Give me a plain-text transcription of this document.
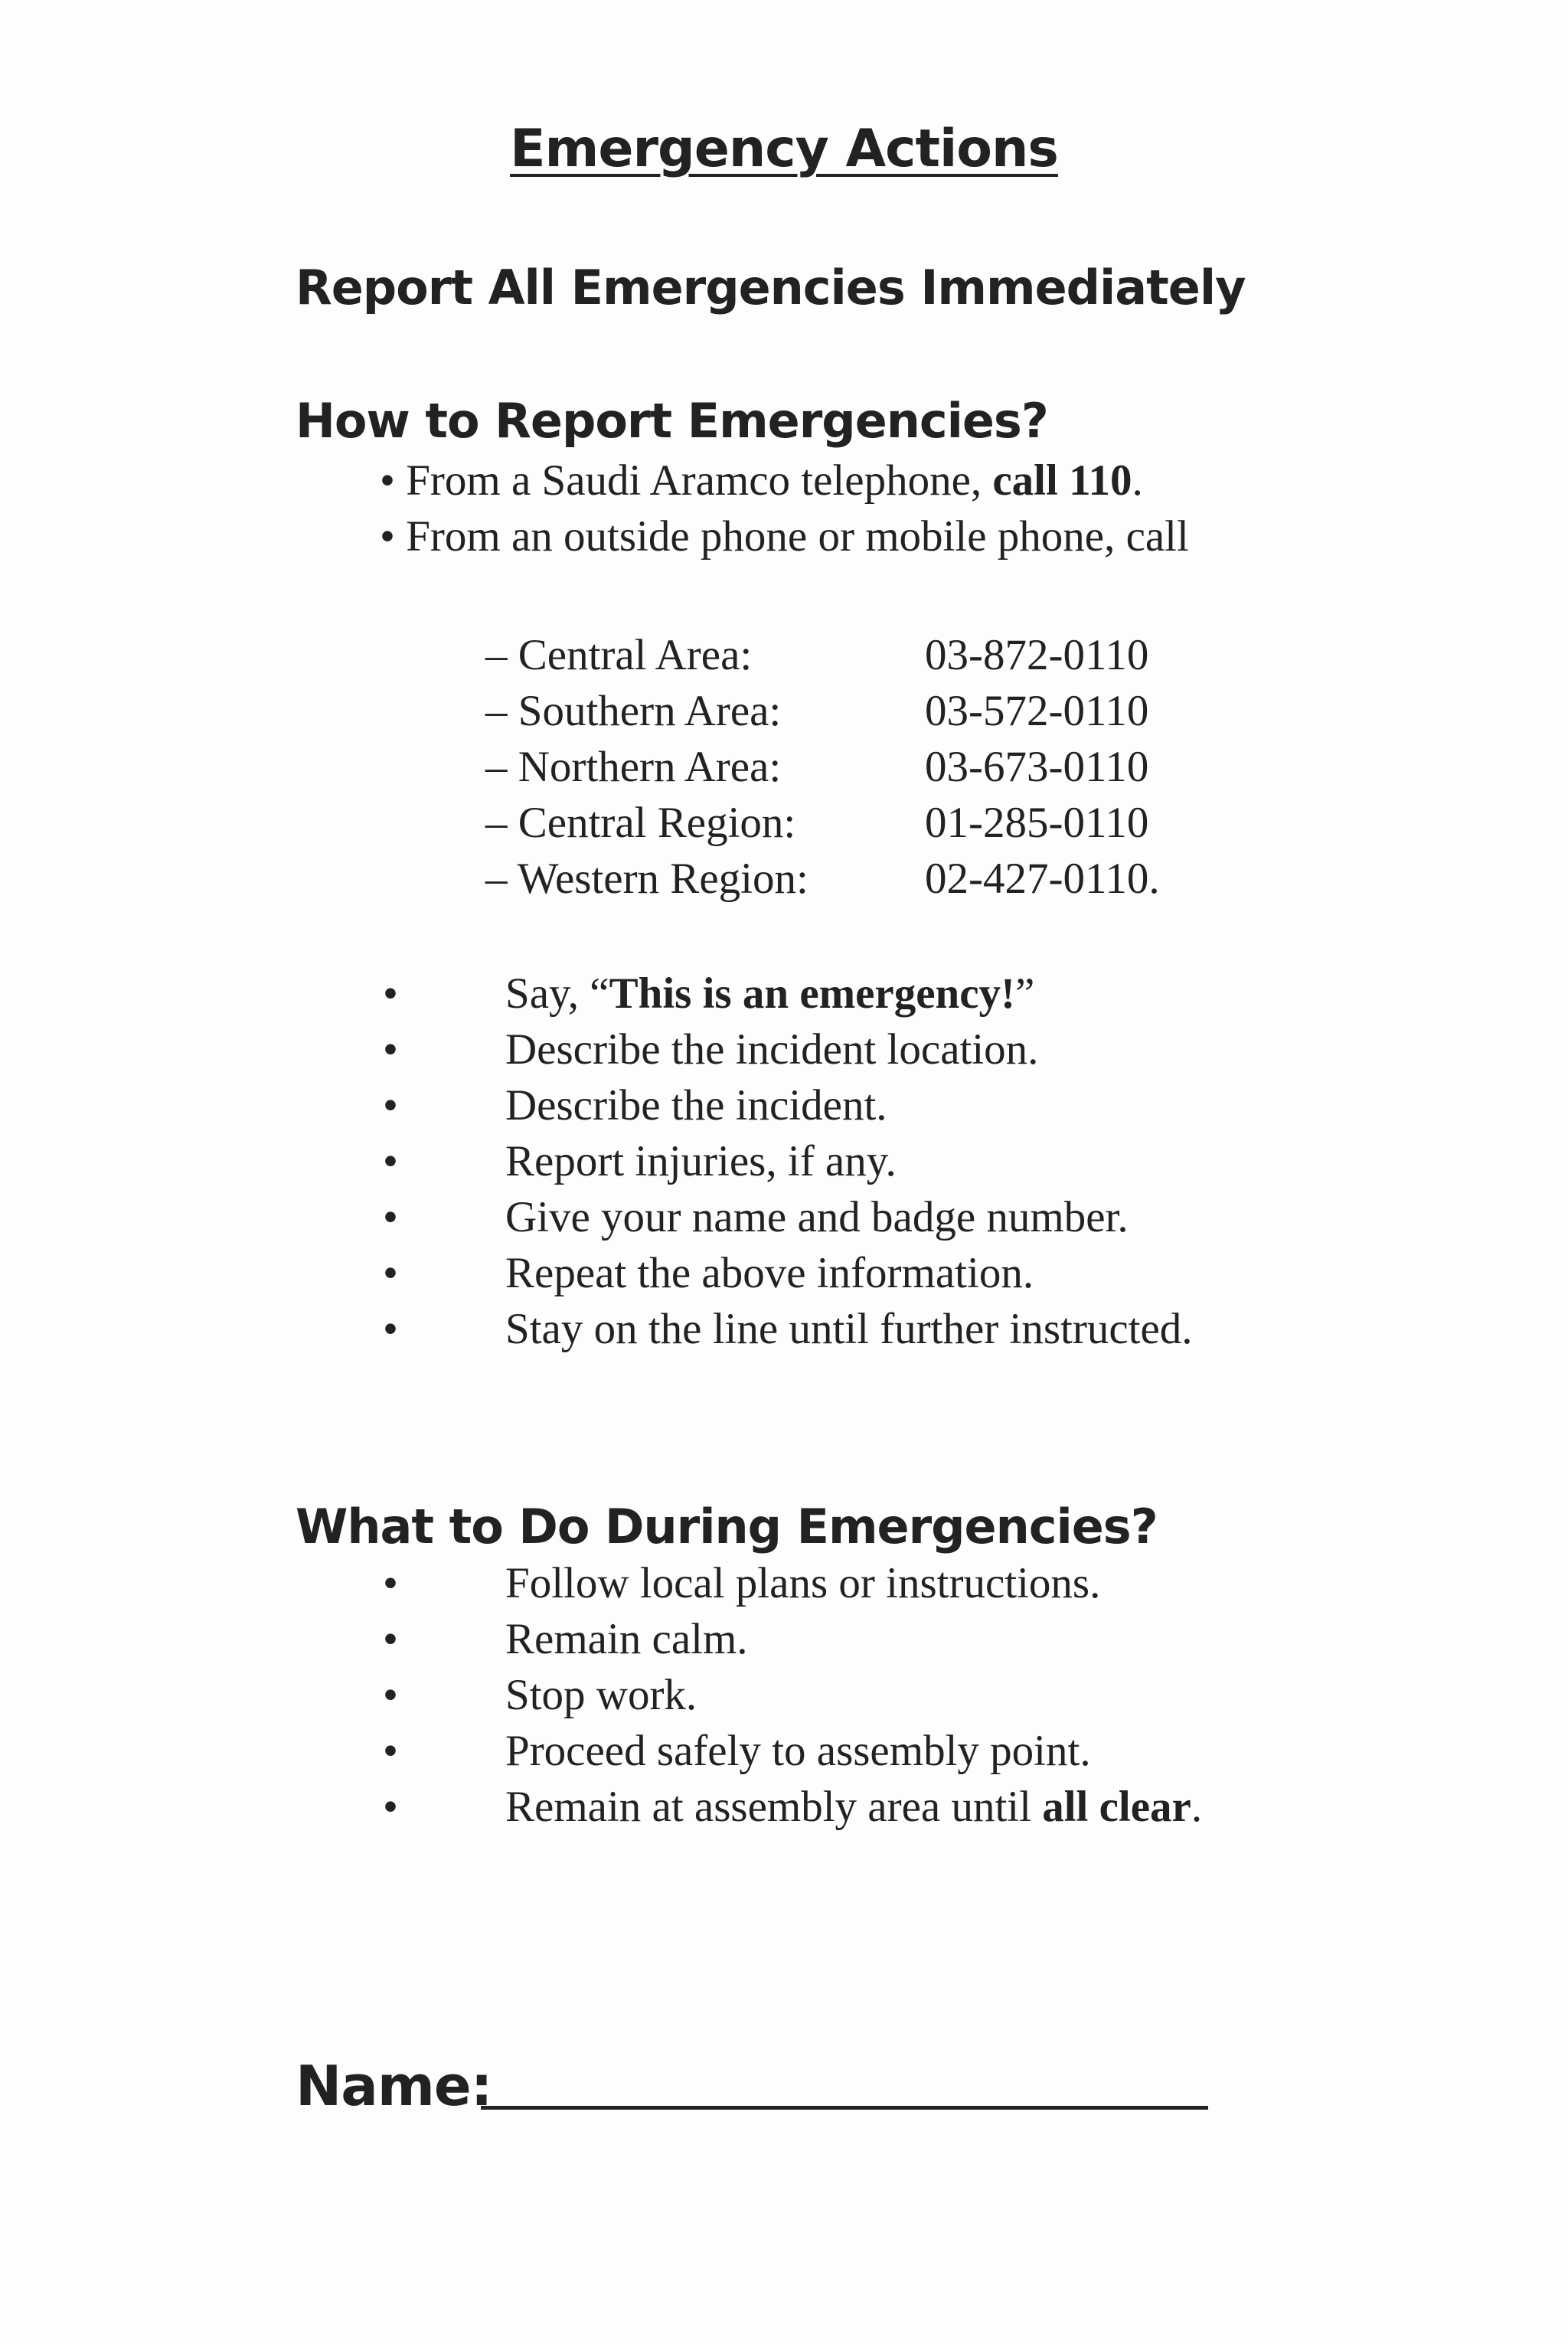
Emergency Actions
Report All Emergencies Immediately
How to Report Emergencies?
• From a Saudi Aramco telephone, call 110.
• From an outside phone or mobile phone, call
– Central Area:	03-872-0110
– Southern Area:	03-572-0110
– Northern Area:	03-673-0110
– Central Region:	01-285-0110
– Western Region:	02-427-0110.
• Say, “This is an emergency!”
• Describe the incident location.
• Describe the incident.
• Report injuries, if any.
• Give your name and badge number.
• Repeat the above information.
• Stay on the line until further instructed.
What to Do During Emergencies?
• Follow local plans or instructions.
• Remain calm.
• Stop work.
• Proceed safely to assembly point.
• Remain at assembly area until all clear.
Name:
